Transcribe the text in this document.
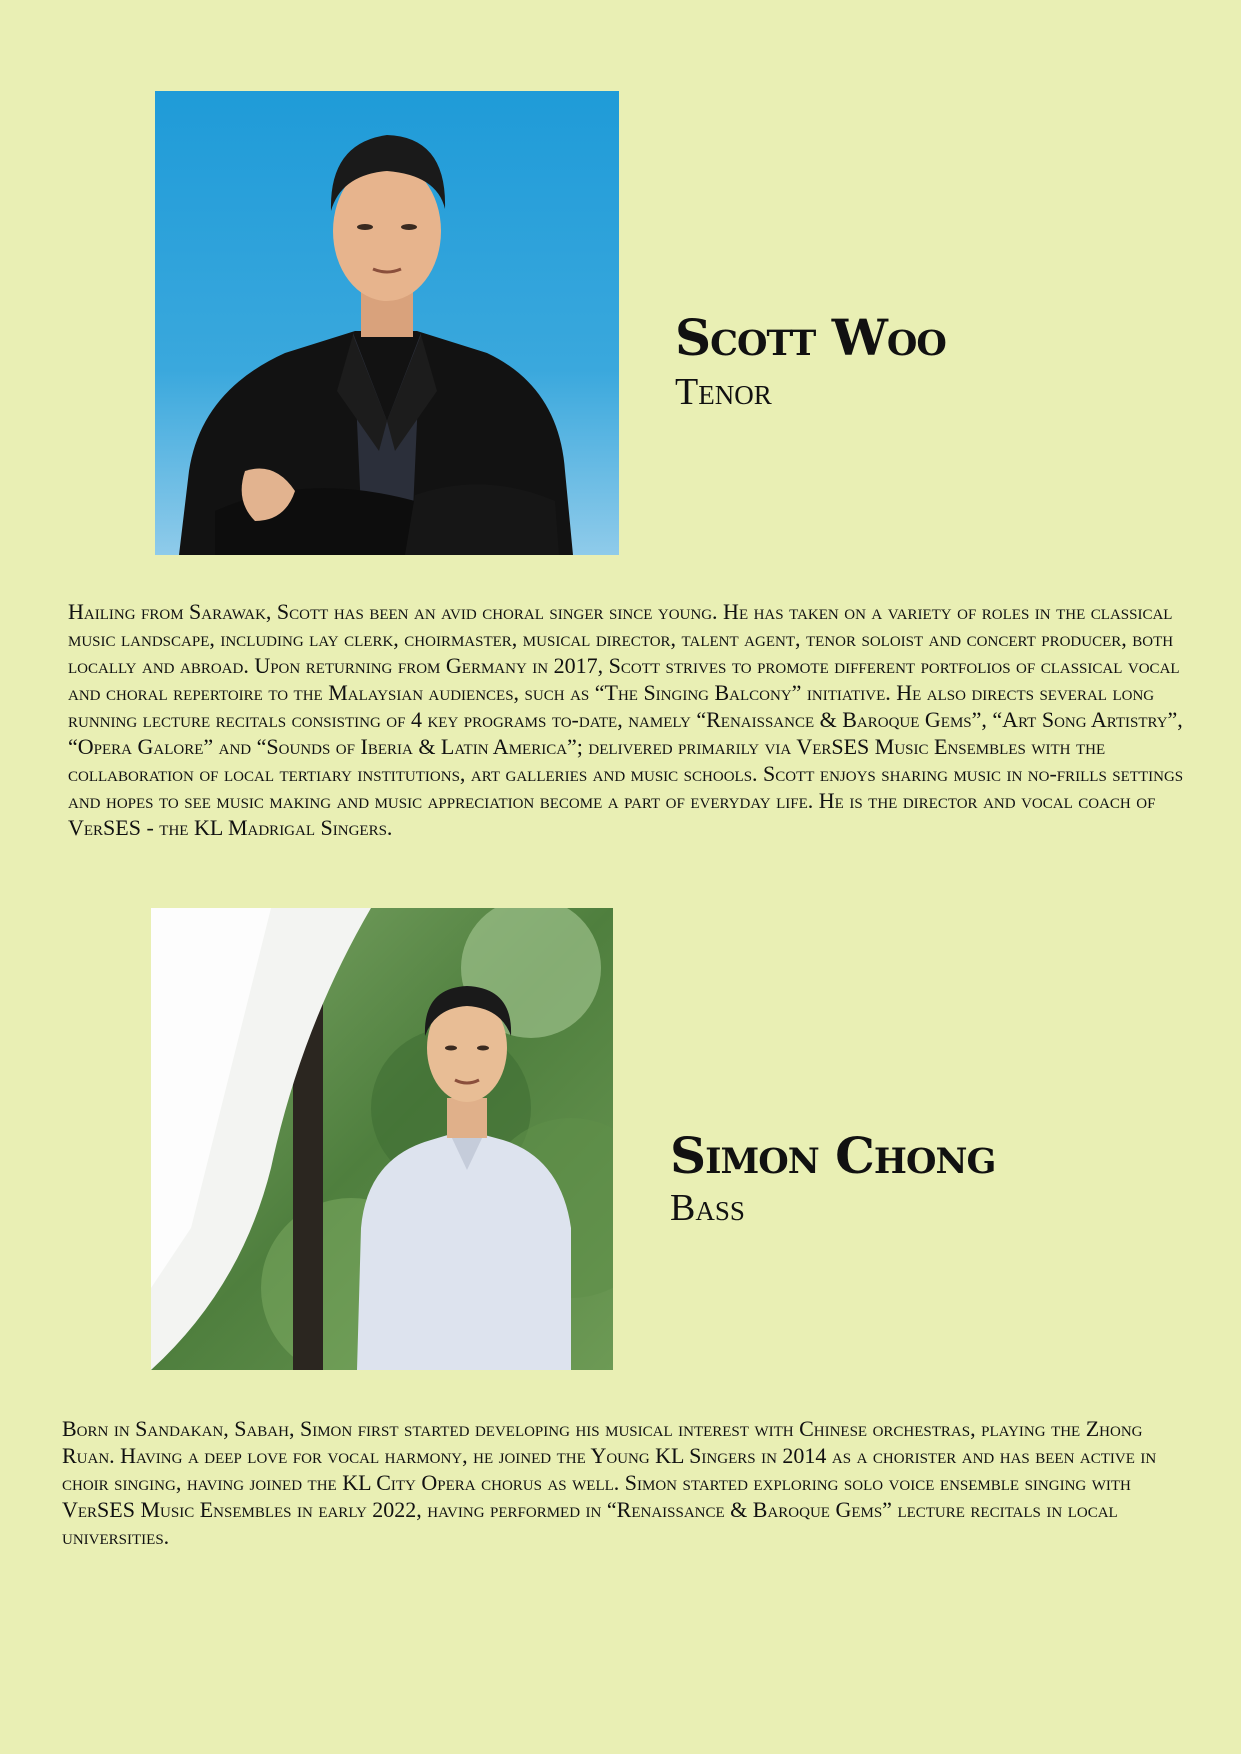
Scott Woo
Tenor

Hailing from Sarawak, Scott has been an avid choral singer since young. He has taken on a variety of roles in the classical music landscape, including lay clerk, choirmaster, musical director, talent agent, tenor soloist and concert producer, both locally and abroad. Upon returning from Germany in 2017, Scott strives to promote different portfolios of classical vocal and choral repertoire to the Malaysian audiences, such as “The Singing Balcony” initiative. He also directs several long running lecture recitals consisting of 4 key programs to-date, namely “Renaissance & Baroque Gems”, “Art Song Artistry”, “Opera Galore” and “Sounds of Iberia & Latin America”; delivered primarily via VerSES Music Ensembles with the collaboration of local tertiary institutions, art galleries and music schools. Scott enjoys sharing music in no-frills settings and hopes to see music making and music appreciation become a part of everyday life. He is the director and vocal coach of VerSES - the KL Madrigal Singers.

Simon Chong
Bass

Born in Sandakan, Sabah, Simon first started developing his musical interest with Chinese orchestras, playing the Zhong Ruan. Having a deep love for vocal harmony, he joined the Young KL Singers in 2014 as a chorister and has been active in choir singing, having joined the KL City Opera chorus as well. Simon started exploring solo voice ensemble singing with VerSES Music Ensembles in early 2022, having performed in “Renaissance & Baroque Gems” lecture recitals in local universities.
